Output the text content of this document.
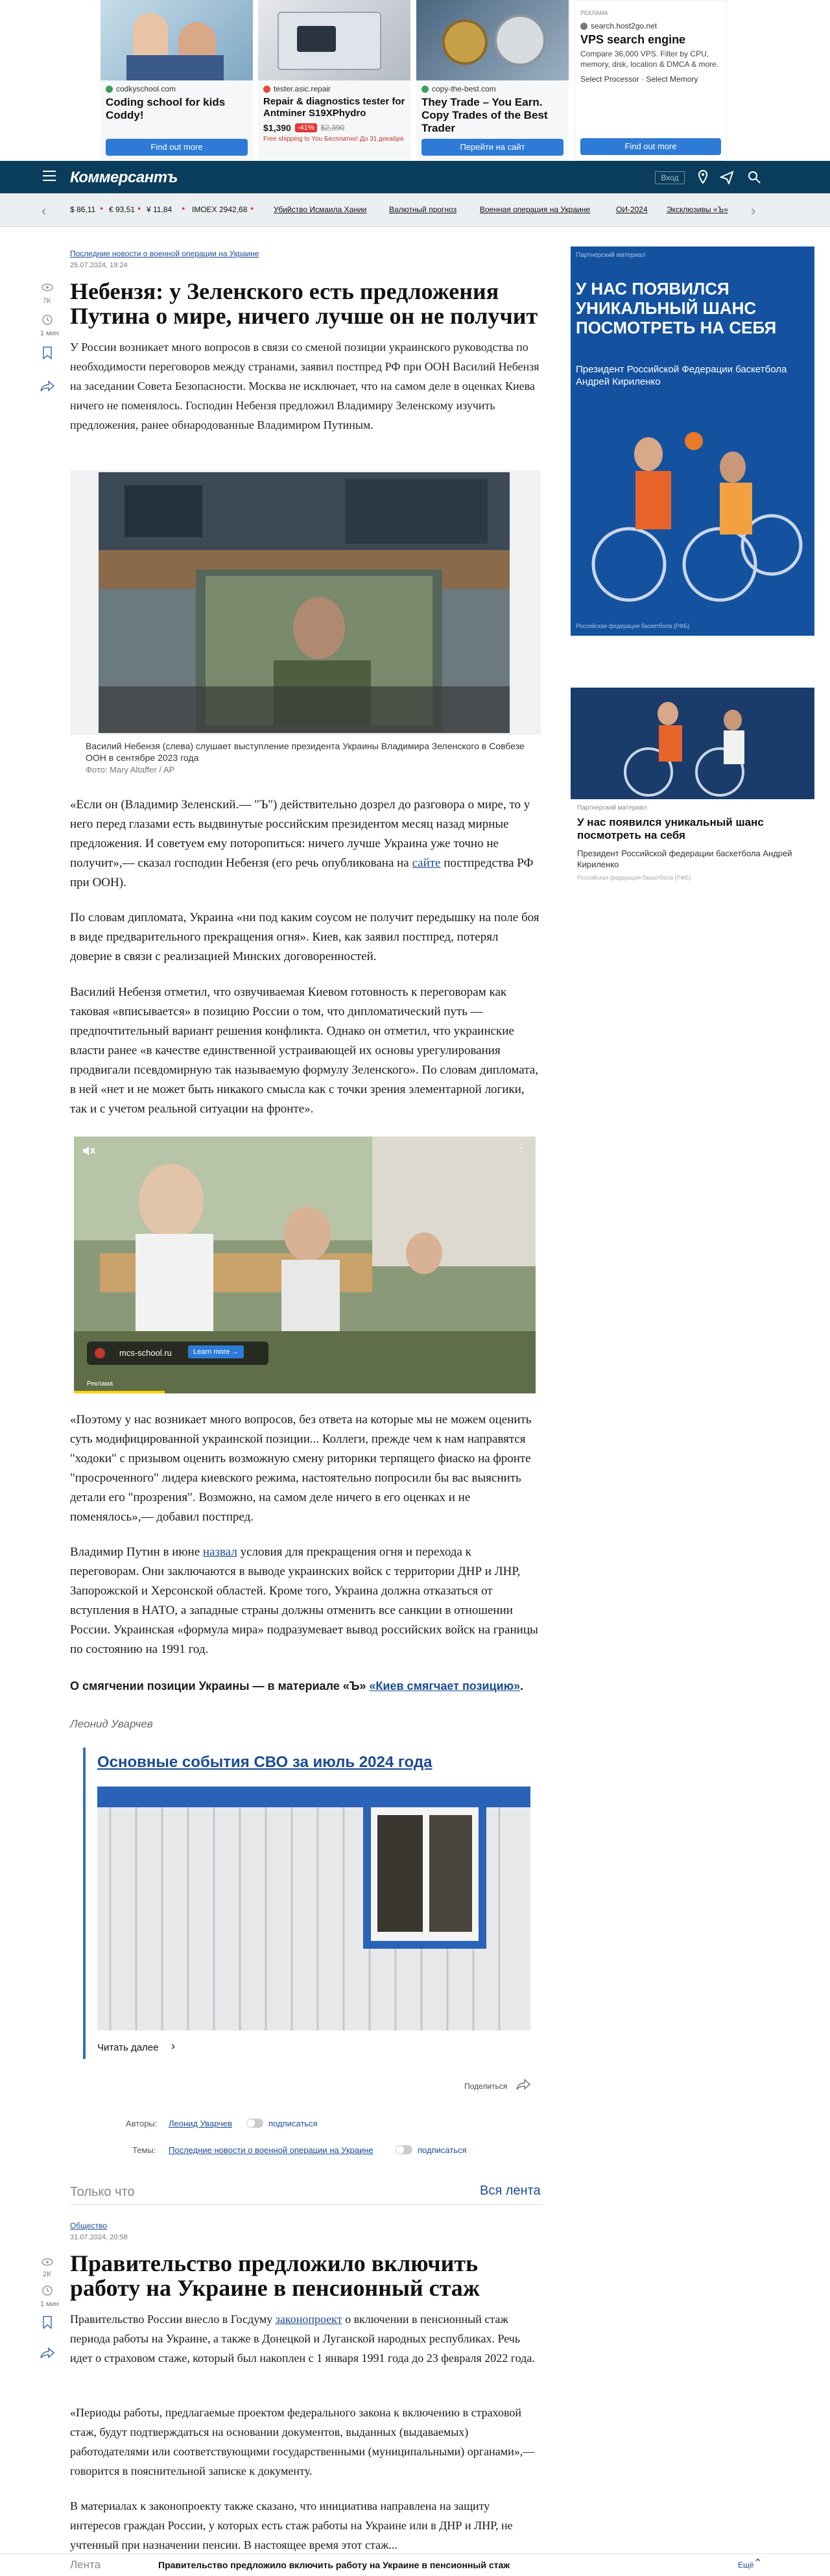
codkyschool.com
Coding school for kids Coddy!
Find out more
tester.asic.repair
Repair & diagnostics tester for Antminer S19XPhydro
$1,390 -41% $2,390
Free shipping to You Бесплатно! До 31 декабря
copy-the-best.com
They Trade – You Earn. Copy Trades of the Best Trader
Перейти на сайт
РЕКЛАМА
search.host2go.net
VPS search engine
Compare 36,000 VPS. Filter by CPU, memory, disk, location & DMCA & more.
Select Processor · Select Memory
Find out more
Коммерсантъ	Вход
‹	$ 86,11 ● € 93,51 ● ¥ 11,84 ● IMOEX 2942,68 ●	Убийство Исмаила Хании	Валютный прогноз	Военная операция на Украине	ОИ-2024 Эксклюзивы «Ъ» ›
7К
1 мин
Последние новости о военной операции на Украине
25.07.2024, 19:24
Небензя: у Зеленского есть предложения Путина о мире, ничего лучше он не получит
У России возникает много вопросов в связи со сменой позиции украинского руководства по необходимости переговоров между странами, заявил постпред РФ при ООН Василий Небензя на заседании Совета Безопасности. Москва не исключает, что на самом деле в оценках Киева ничего не поменялось. Господин Небензя предложил Владимиру Зеленскому изучить предложения, ранее обнародованные Владимиром Путиным.
Василий Небензя (слева) слушает выступление президента Украины Владимира Зеленского в Совбезе ООН в сентябре 2023 года
Фото: Mary Altaffer / AP
«Если он (Владимир Зеленский.— "Ъ") действительно дозрел до разговора о мире, то у него перед глазами есть выдвинутые российским президентом месяц назад мирные предложения. И советуем ему поторопиться: ничего лучше Украина уже точно не получит»,— сказал господин Небензя (его речь опубликована на сайте постпредства РФ при ООН).
По словам дипломата, Украина «ни под каким соусом не получит передышку на поле боя в виде предварительного прекращения огня». Киев, как заявил постпред, потерял доверие в связи с реализацией Минских договоренностей.
Василий Небензя отметил, что озвучиваемая Киевом готовность к переговорам как таковая «вписывается» в позицию России о том, что дипломатический путь — предпочтительный вариант решения конфликта. Однако он отметил, что украинские власти ранее «в качестве единственной устраивающей их основы урегулирования продвигали псевдомирную так называемую формулу Зеленского». По словам дипломата, в ней «нет и не может быть никакого смысла как с точки зрения элементарной логики, так и с учетом реальной ситуации на фронте».
⋮
mcs-school.ru	Learn more →
Реклама
«Поэтому у нас возникает много вопросов, без ответа на которые мы не можем оценить суть модифицированной украинской позиции... Коллеги, прежде чем к нам направятся "ходоки" с призывом оценить возможную смену риторики терпящего фиаско на фронте "просроченного" лидера киевского режима, настоятельно попросили бы вас выяснить детали его "прозрения". Возможно, на самом деле ничего в его оценках и не поменялось»,— добавил постпред.
Владимир Путин в июне назвал условия для прекращения огня и перехода к переговорам. Они заключаются в выводе украинских войск с территории ДНР и ЛНР, Запорожской и Херсонской областей. Кроме того, Украина должна отказаться от вступления в НАТО, а западные страны должны отменить все санкции в отношении России. Украинская «формула мира» подразумевает вывод российских войск на границы по состоянию на 1991 год.
О смягчении позиции Украины — в материале «Ъ» «Киев смягчает позицию».
Леонид Уварчев
Основные события СВО за июль 2024 года
Читать далее ›
Поделиться
Авторы: Леонид Уварчев	подписаться
Темы: Последние новости о военной операции на Украине	подписаться
Только что	Вся лента
Общество
31.07.2024, 20:58
Правительство предложило включить работу на Украине в пенсионный стаж
2К
1 мин
Правительство России внесло в Госдуму законопроект о включении в пенсионный стаж периода работы на Украине, а также в Донецкой и Луганской народных республиках. Речь идет о страховом стаже, который был накоплен с 1 января 1991 года до 23 февраля 2022 года.
«Периоды работы, предлагаемые проектом федерального закона к включению в страховой стаж, будут подтверждаться на основании документов, выданных (выдаваемых) работодателями или соответствующими государственными (муниципальными) органами»,— говорится в пояснительной записке к документу.
В материалах к законопроекту также сказано, что инициатива направлена на защиту интересов граждан России, у которых есть стаж работы на Украине или в ДНР и ЛНР, не учтенный при назначении пенсии. В настоящее время этот стаж...
Партнерский материал
У НАС ПОЯВИЛСЯ УНИКАЛЬНЫЙ ШАНС ПОСМОТРЕТЬ НА СЕБЯ
Президент Российской Федерации баскетбола Андрей Кириленко
Российская федерация баскетбола (РФБ)
Партнерский материал
У нас появился уникальный шанс посмотреть на себя
Президент Российской федерации баскетбола Андрей Кириленко
Российская федерация баскетбола (РФБ)
Лента	Правительство предложило включить работу на Украине в пенсионный стаж	Ещё ⌃
